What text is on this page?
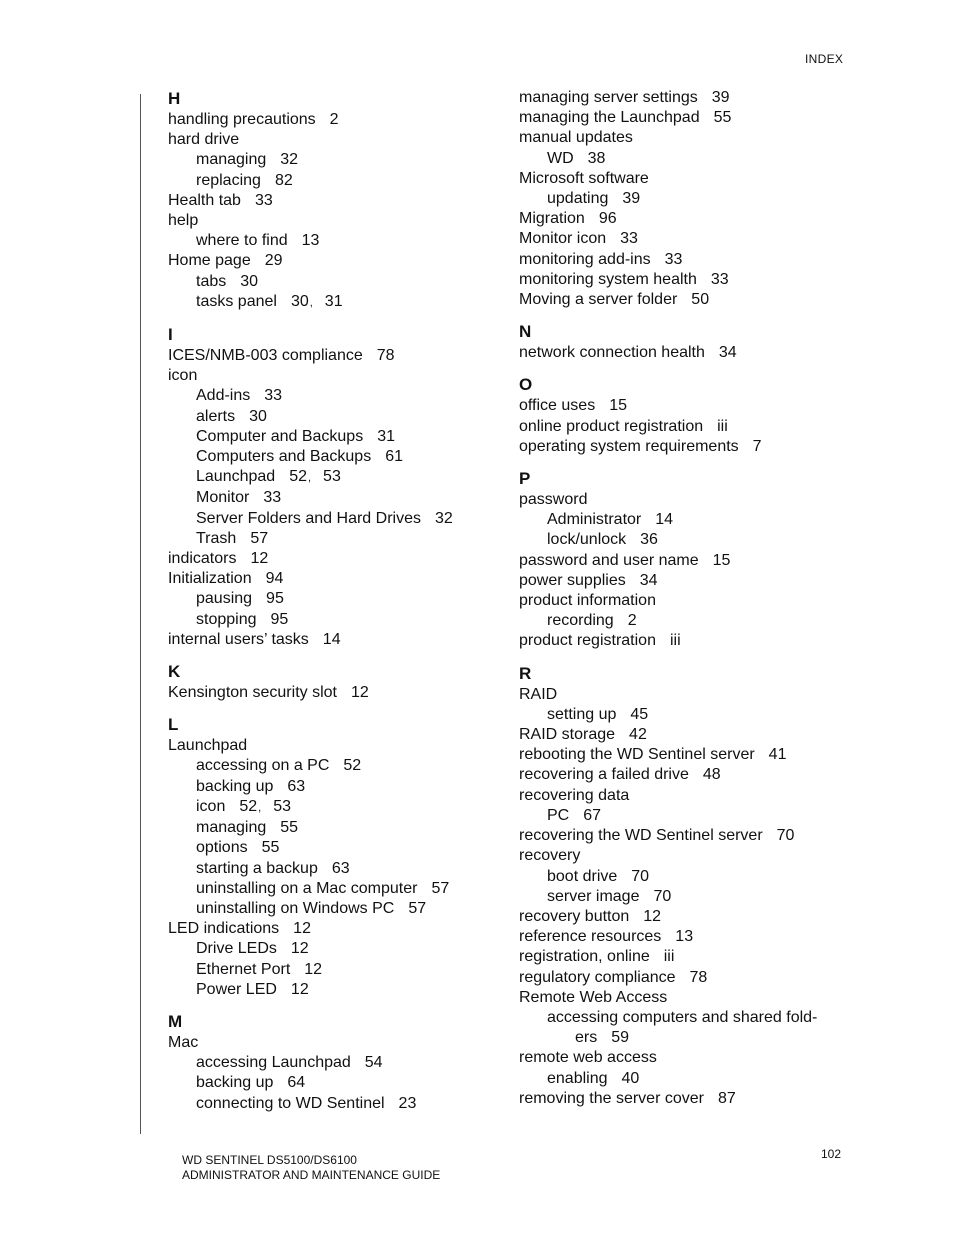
INDEX
H
handling precautions 2
hard drive
managing 32
replacing 82
Health tab 33
help
where to find 13
Home page 29
tabs 30
tasks panel 30, 31
I
ICES/NMB-003 compliance 78
icon
Add-ins 33
alerts 30
Computer and Backups 31
Computers and Backups 61
Launchpad 52, 53
Monitor 33
Server Folders and Hard Drives 32
Trash 57
indicators 12
Initialization 94
pausing 95
stopping 95
internal users’ tasks 14
K
Kensington security slot 12
L
Launchpad
accessing on a PC 52
backing up 63
icon 52, 53
managing 55
options 55
starting a backup 63
uninstalling on a Mac computer 57
uninstalling on Windows PC 57
LED indications 12
Drive LEDs 12
Ethernet Port 12
Power LED 12
M
Mac
accessing Launchpad 54
backing up 64
connecting to WD Sentinel 23
managing server settings 39
managing the Launchpad 55
manual updates
WD 38
Microsoft software
updating 39
Migration 96
Monitor icon 33
monitoring add-ins 33
monitoring system health 33
Moving a server folder 50
N
network connection health 34
O
office uses 15
online product registration iii
operating system requirements 7
P
password
Administrator 14
lock/unlock 36
password and user name 15
power supplies 34
product information
recording 2
product registration iii
R
RAID
setting up 45
RAID storage 42
rebooting the WD Sentinel server 41
recovering a failed drive 48
recovering data
PC 67
recovering the WD Sentinel server 70
recovery
boot drive 70
server image 70
recovery button 12
reference resources 13
registration, online iii
regulatory compliance 78
Remote Web Access
accessing computers and shared fold-ers 59
remote web access
enabling 40
removing the server cover 87
WD SENTINEL DS5100/DS6100
ADMINISTRATOR AND MAINTENANCE GUIDE
102
